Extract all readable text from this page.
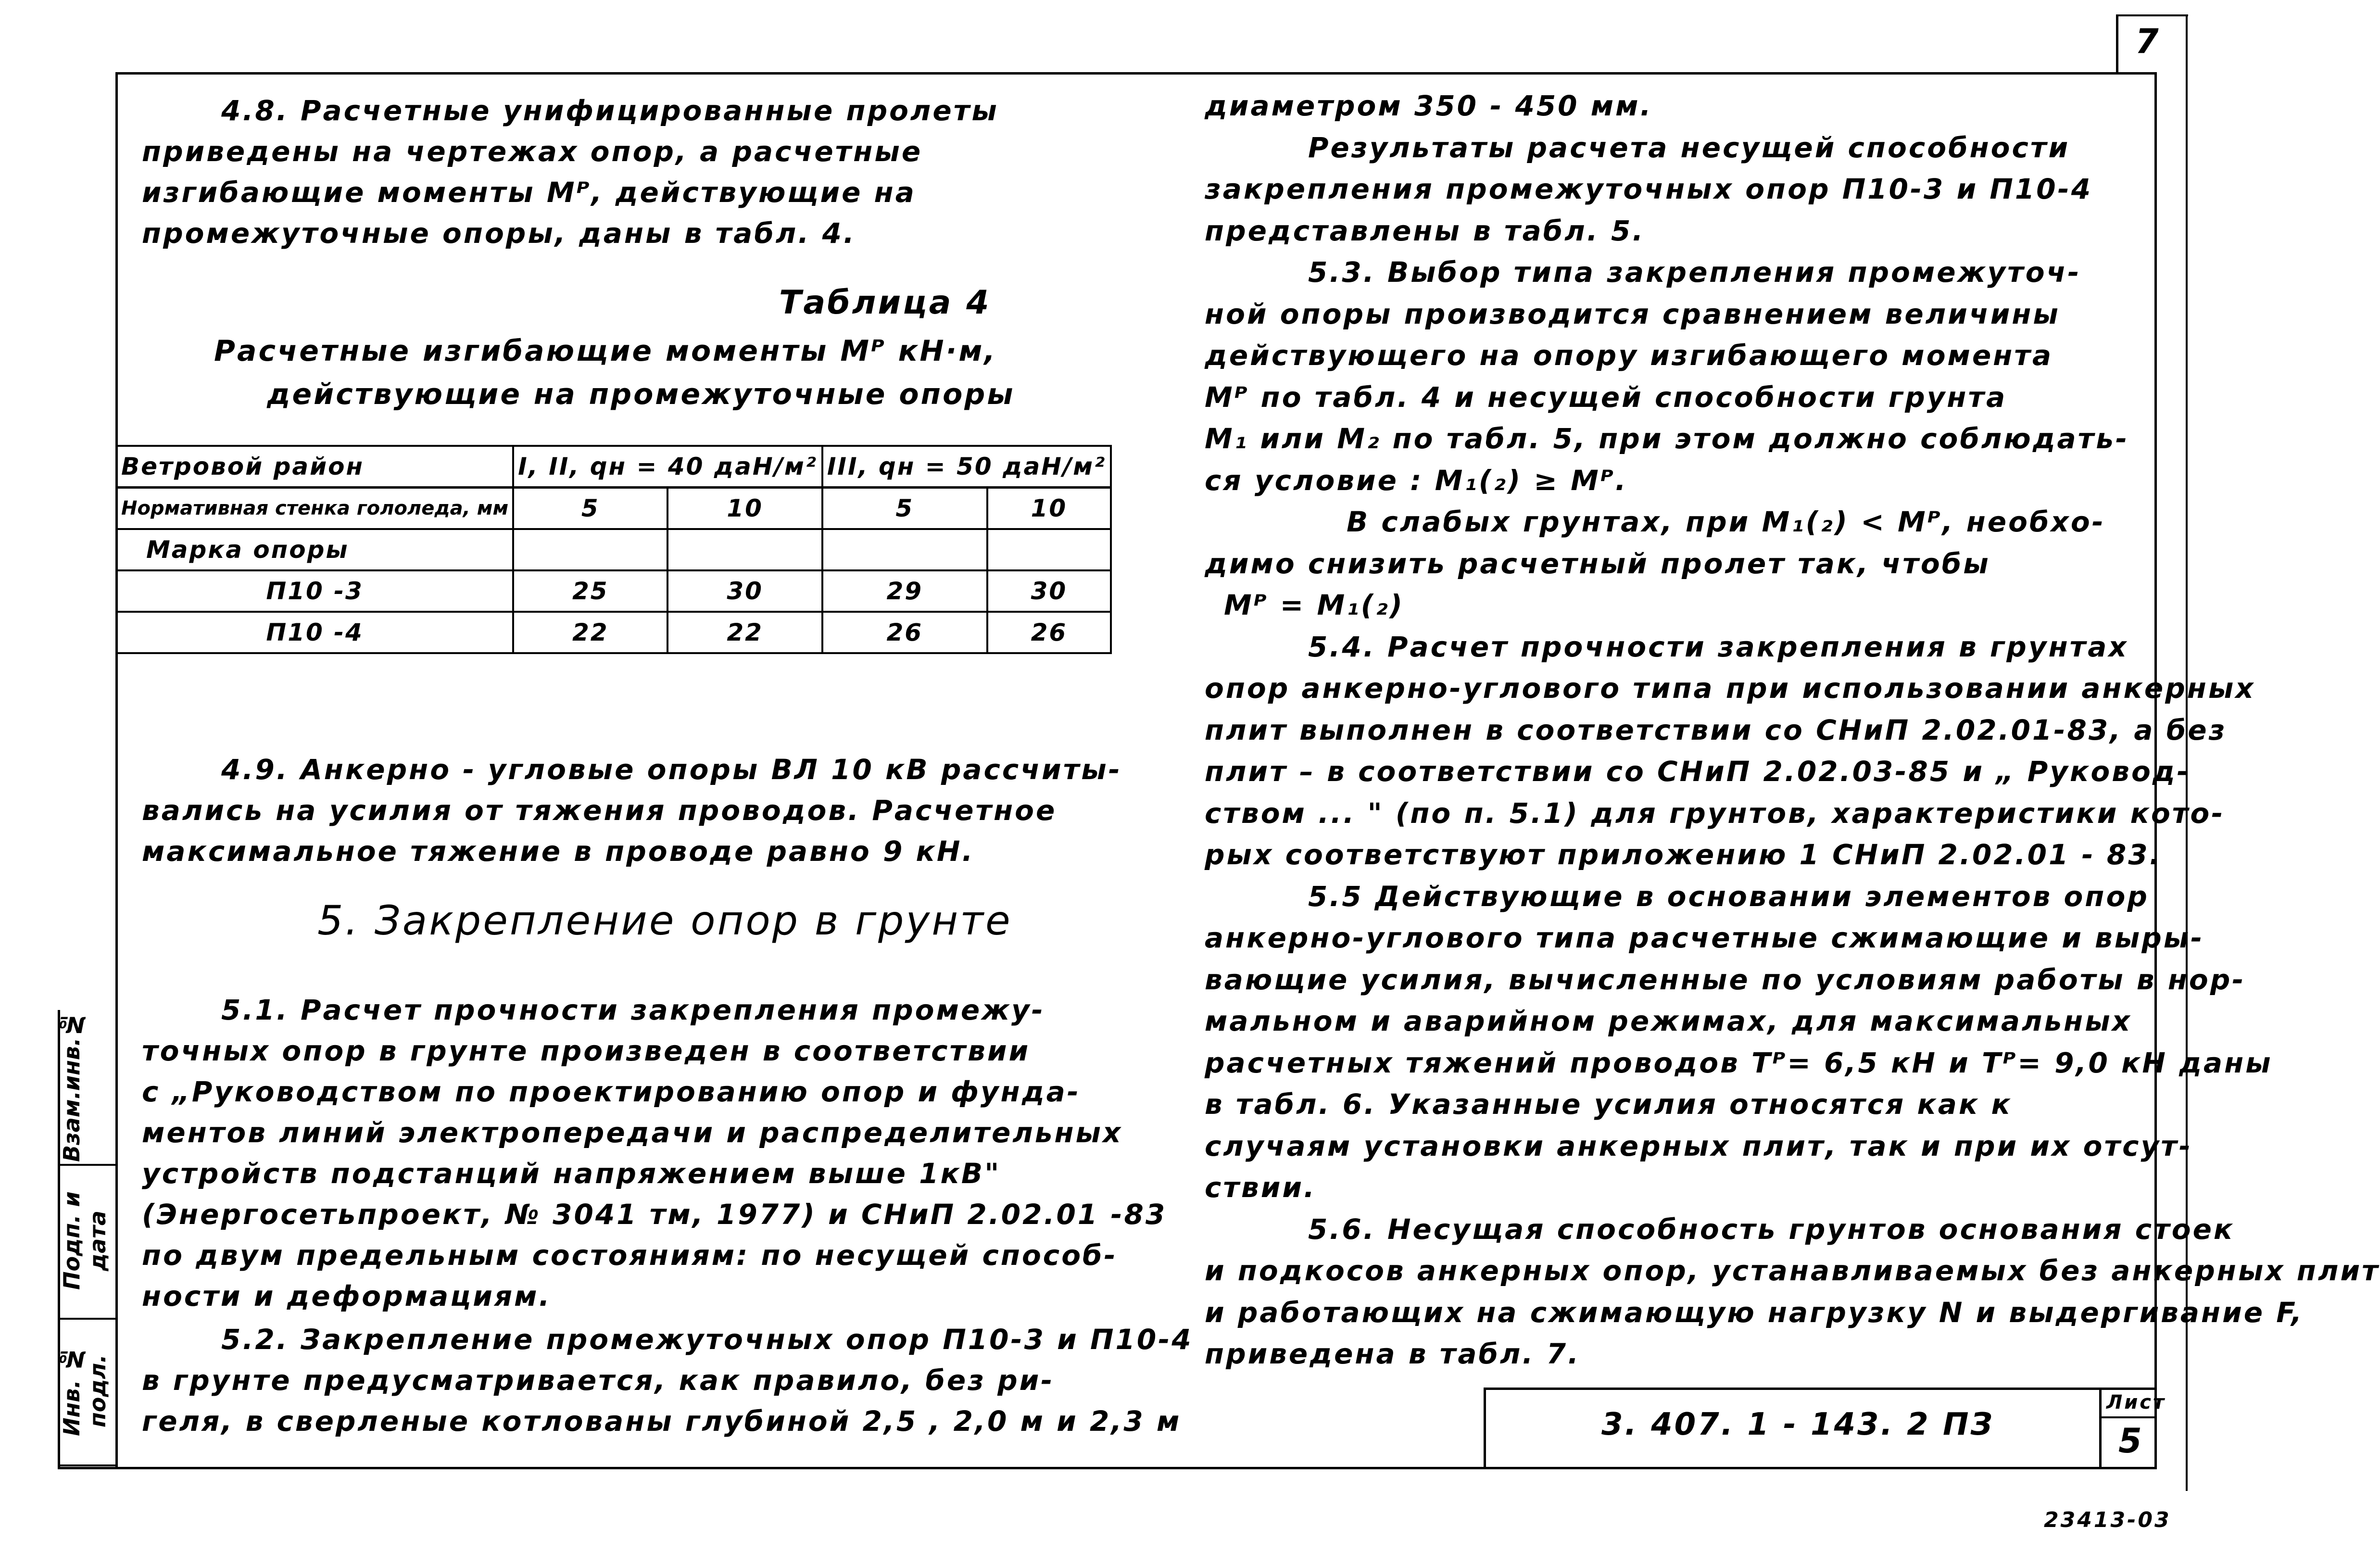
7
Инв. № подл.
Подп. и дата
Взам.инв.№
4.8. Расчетные унифицированные пролеты
приведены на чертежах опор, а расчетные
изгибающие моменты Mᴾ, действующие на
промежуточные опоры, даны в табл. 4.
Таблица 4
Расчетные изгибающие моменты Mᴾ кН·м,
действующие на промежуточные опоры
Ветровой район	I, II, qн = 40 даН/м²		III, qн = 50 даН/м²	
Нормативная стенка гололеда, мм	5	10	5	10
Марка опоры				
П10 -3	25	30	29	30
П10 -4	22	22	26	26
4.9. Анкерно - угловые опоры ВЛ 10 кВ рассчиты-
вались на усилия от тяжения проводов. Расчетное
максимальное тяжение в проводе равно 9 кН.
5. Закрепление опор в грунте
5.1. Расчет прочности закрепления промежу-
точных опор в грунте произведен в соответствии
с „Руководством по проектированию опор и фунда-
ментов линий электропередачи и распределительных
устройств подстанций напряжением выше 1кВ"
(Энергосетьпроект, № 3041 тм, 1977) и СНиП 2.02.01 -83
по двум предельным состояниям: по несущей способ-
ности и деформациям.
5.2. Закрепление промежуточных опор П10-3 и П10-4
в грунте предусматривается, как правило, без ри-
геля, в сверленые котлованы глубиной 2,5 , 2,0 м и 2,3 м
диаметром 350 - 450 мм.
Результаты расчета несущей способности
закрепления промежуточных опор П10-3 и П10-4
представлены в табл. 5.
5.3. Выбор типа закрепления промежуточ-
ной опоры производится сравнением величины
действующего на опору изгибающего момента
Mᴾ по табл. 4 и несущей способности грунта
M₁ или M₂ по табл. 5, при этом должно соблюдать-
ся условие : M₁(₂) ≥ Mᴾ.
В слабых грунтах, при M₁(₂) < Mᴾ, необхо-
димо снизить расчетный пролет так, чтобы
Mᴾ = M₁(₂)
5.4. Расчет прочности закрепления в грунтах
опор анкерно-углового типа при использовании анкерных
плит выполнен в соответствии со СНиП 2.02.01-83, а без
плит – в соответствии со СНиП 2.02.03-85 и „ Руковод-
ством ... " (по п. 5.1) для грунтов, характеристики кото-
рых соответствуют приложению 1 СНиП 2.02.01 - 83.
5.5 Действующие в основании элементов опор
анкерно-углового типа расчетные сжимающие и выры-
вающие усилия, вычисленные по условиям работы в нор-
мальном и аварийном режимах, для максимальных
расчетных тяжений проводов Tᴾ= 6,5 кН и Tᴾ= 9,0 кН даны
в табл. 6. Указанные усилия относятся как к
случаям установки анкерных плит, так и при их отсут-
ствии.
5.6. Несущая способность грунтов основания стоек
и подкосов анкерных опор, устанавливаемых без анкерных плит
и работающих на сжимающую нагрузку N и выдергивание F,
приведена в табл. 7.
3. 407. 1 - 143. 2 ПЗ
Лист
5
23413-03
